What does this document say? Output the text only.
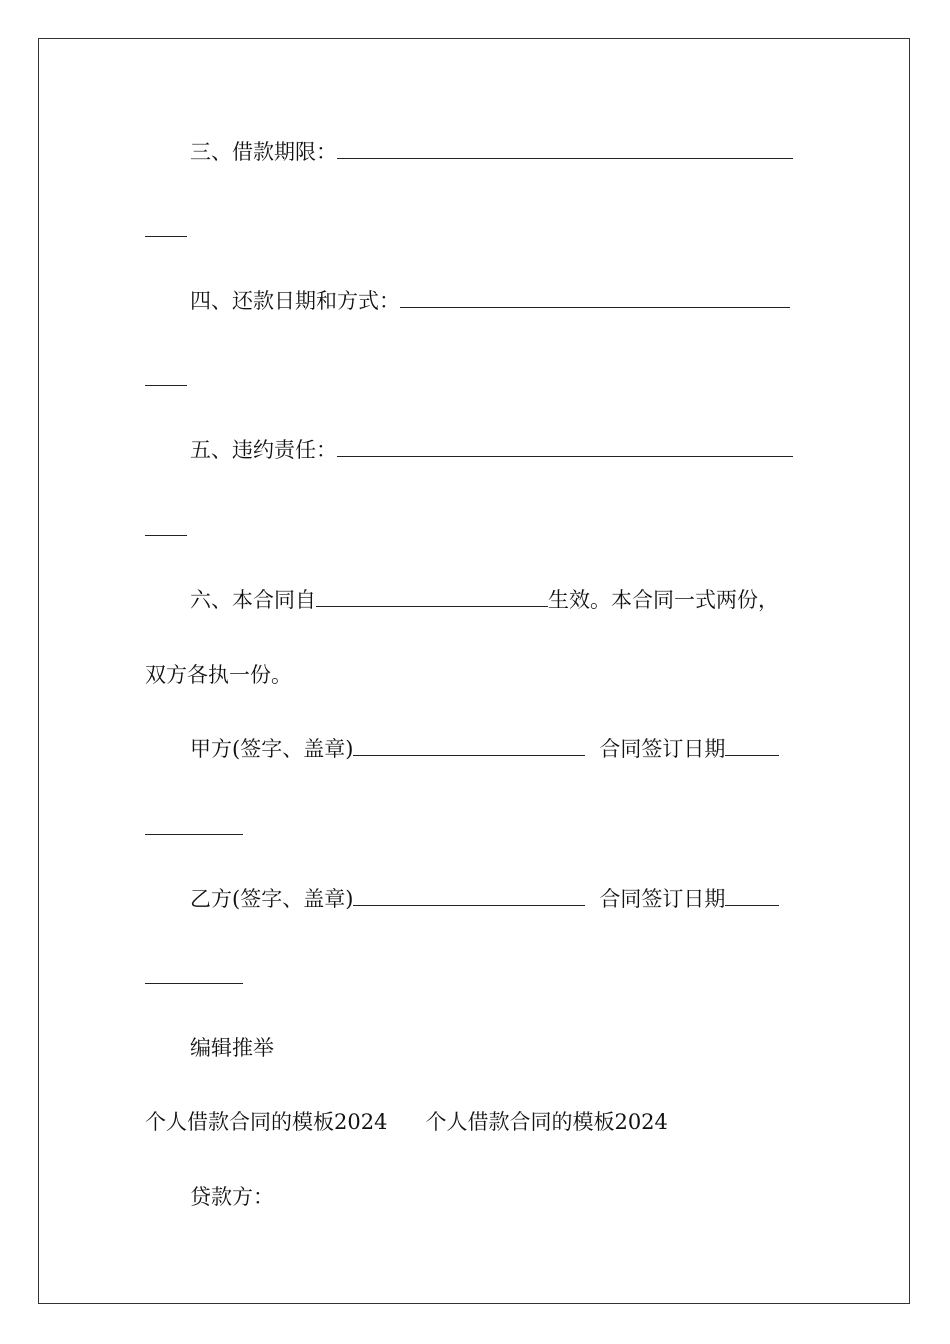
三、借款期限：
四、还款日期和方式：
五、违约责任：
六、本合同自	生效。本合同一式两份，
双方各执一份。
甲方(签字、盖章)	合同签订日期
乙方(签字、盖章)	合同签订日期
编辑推举
个人借款合同的模板2024 个人借款合同的模板2024
贷款方：
